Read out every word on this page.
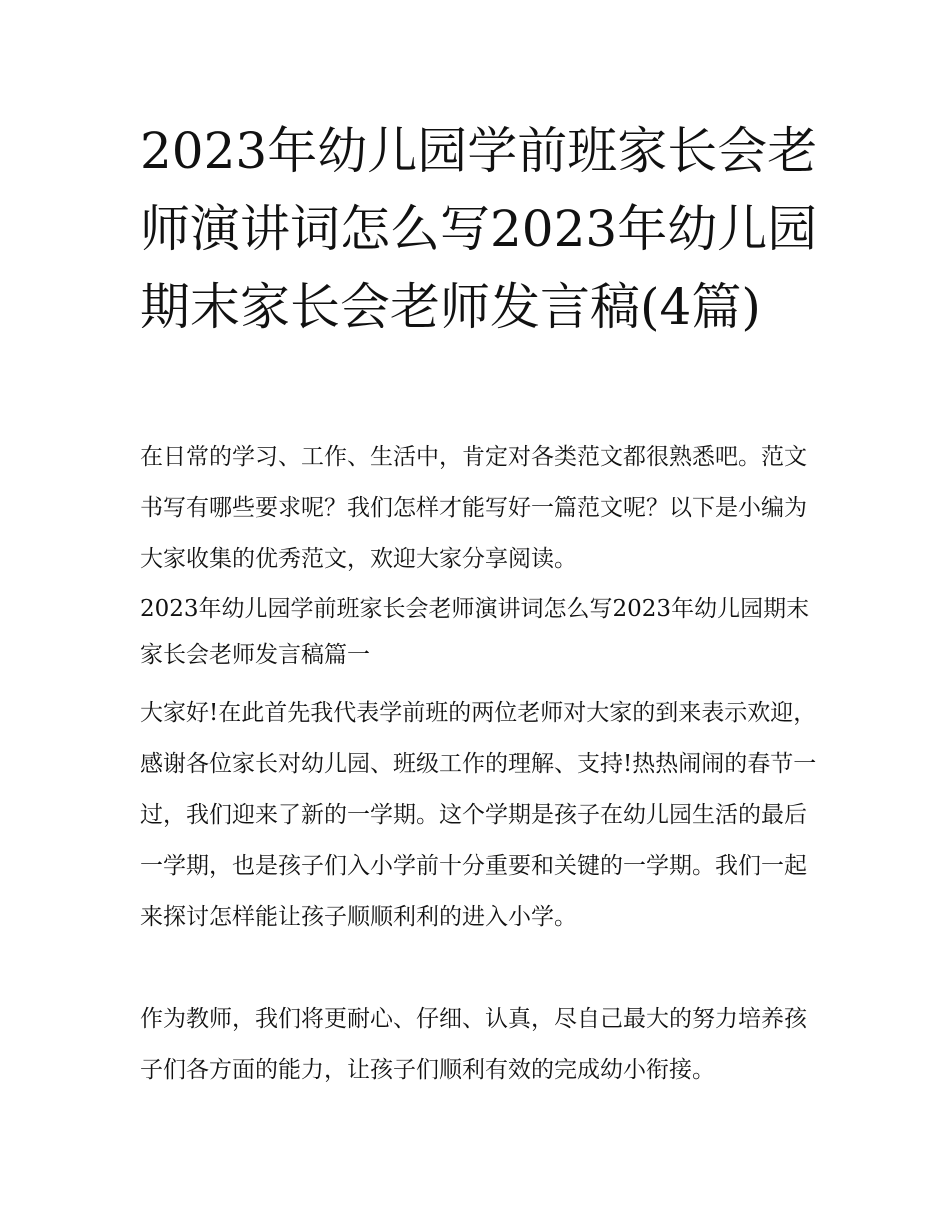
2023年幼儿园学前班家长会老师演讲词怎么写2023年幼儿园期末家长会老师发言稿(4篇)

在日常的学习、工作、生活中，肯定对各类范文都很熟悉吧。范文书写有哪些要求呢？我们怎样才能写好一篇范文呢？以下是小编为大家收集的优秀范文，欢迎大家分享阅读。

2023年幼儿园学前班家长会老师演讲词怎么写2023年幼儿园期末家长会老师发言稿篇一

大家好!在此首先我代表学前班的两位老师对大家的到来表示欢迎，感谢各位家长对幼儿园、班级工作的理解、支持!热热闹闹的春节一过，我们迎来了新的一学期。这个学期是孩子在幼儿园生活的最后一学期，也是孩子们入小学前十分重要和关键的一学期。我们一起来探讨怎样能让孩子顺顺利利的进入小学。

作为教师，我们将更耐心、仔细、认真，尽自己最大的努力培养孩子们各方面的能力，让孩子们顺利有效的完成幼小衔接。
